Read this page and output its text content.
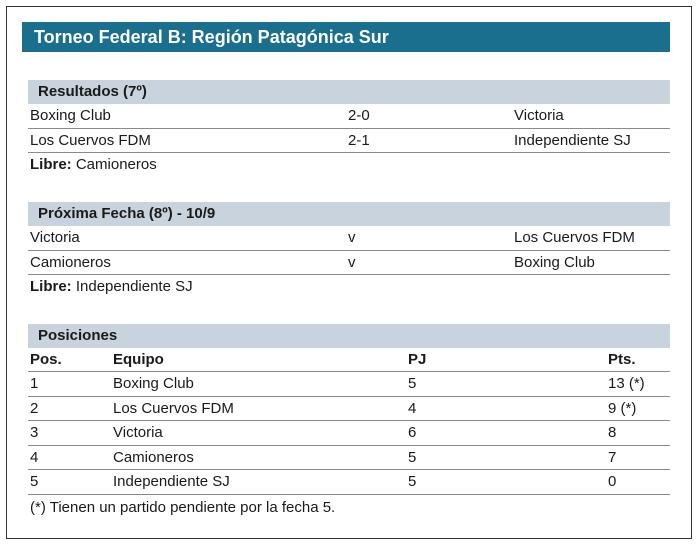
Torneo Federal B: Región Patagónica Sur
Resultados (7º)
Boxing Club	2-0	Victoria
Los Cuervos FDM	2-1	Independiente SJ
Libre: Camioneros
Próxima Fecha (8º) - 10/9
Victoria	v	Los Cuervos FDM
Camioneros	v	Boxing Club
Libre: Independiente SJ
Posiciones
Pos.	Equipo	PJ	Pts.
1	Boxing Club	5	13 (*)
2	Los Cuervos FDM	4	9 (*)
3	Victoria	6	8
4	Camioneros	5	7
5	Independiente SJ	5	0
(*) Tienen un partido pendiente por la fecha 5.
